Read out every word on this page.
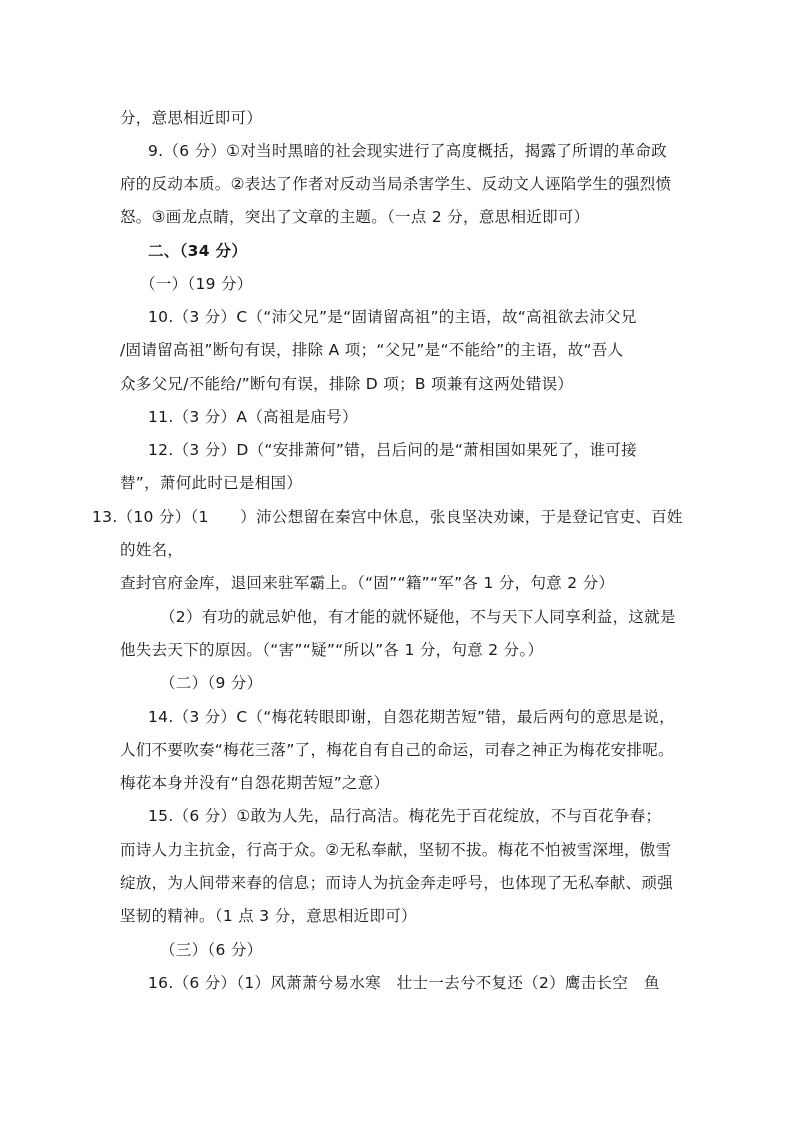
分，意思相近即可）
9.（6 分）①对当时黑暗的社会现实进行了高度概括，揭露了所谓的革命政
府的反动本质。②表达了作者对反动当局杀害学生、反动文人诬陷学生的强烈愤
怒。③画龙点睛，突出了文章的主题。（一点 2 分，意思相近即可）
二、（34 分）
（一）（19 分）
10.（3 分）C（“沛父兄”是“固请留高祖”的主语，故“高祖欲去沛父兄
/固请留高祖”断句有误，排除 A 项；“父兄”是“不能给”的主语，故“吾人
众多父兄/不能给/”断句有误，排除 D 项；B 项兼有这两处错误）
11.（3 分）A（高祖是庙号）
12.（3 分）D（“安排萧何”错，吕后问的是“萧相国如果死了，谁可接
替”，萧何此时已是相国）
13.（10 分）（1　　）沛公想留在秦宫中休息，张良坚决劝谏，于是登记官吏、百姓
的姓名，
查封官府金库，退回来驻军霸上。（“固”“籍”“军”各 1 分，句意 2 分）
（2）有功的就忌妒他，有才能的就怀疑他，不与天下人同享利益，这就是
他失去天下的原因。（“害”“疑”“所以”各 1 分，句意 2 分。）
（二）（9 分）
14.（3 分）C（“梅花转眼即谢，自怨花期苦短”错，最后两句的意思是说，
人们不要吹奏“梅花三落”了，梅花自有自己的命运，司春之神正为梅花安排呢。
梅花本身并没有“自怨花期苦短”之意）
15.（6 分）①敢为人先，品行高洁。梅花先于百花绽放，不与百花争春；
而诗人力主抗金，行高于众。②无私奉献，坚韧不拔。梅花不怕被雪深埋，傲雪
绽放，为人间带来春的信息；而诗人为抗金奔走呼号，也体现了无私奉献、顽强
坚韧的精神。（1 点 3 分，意思相近即可）
（三）（6 分）
16.（6 分）（1）风萧萧兮易水寒　壮士一去兮不复还（2）鹰击长空　鱼
